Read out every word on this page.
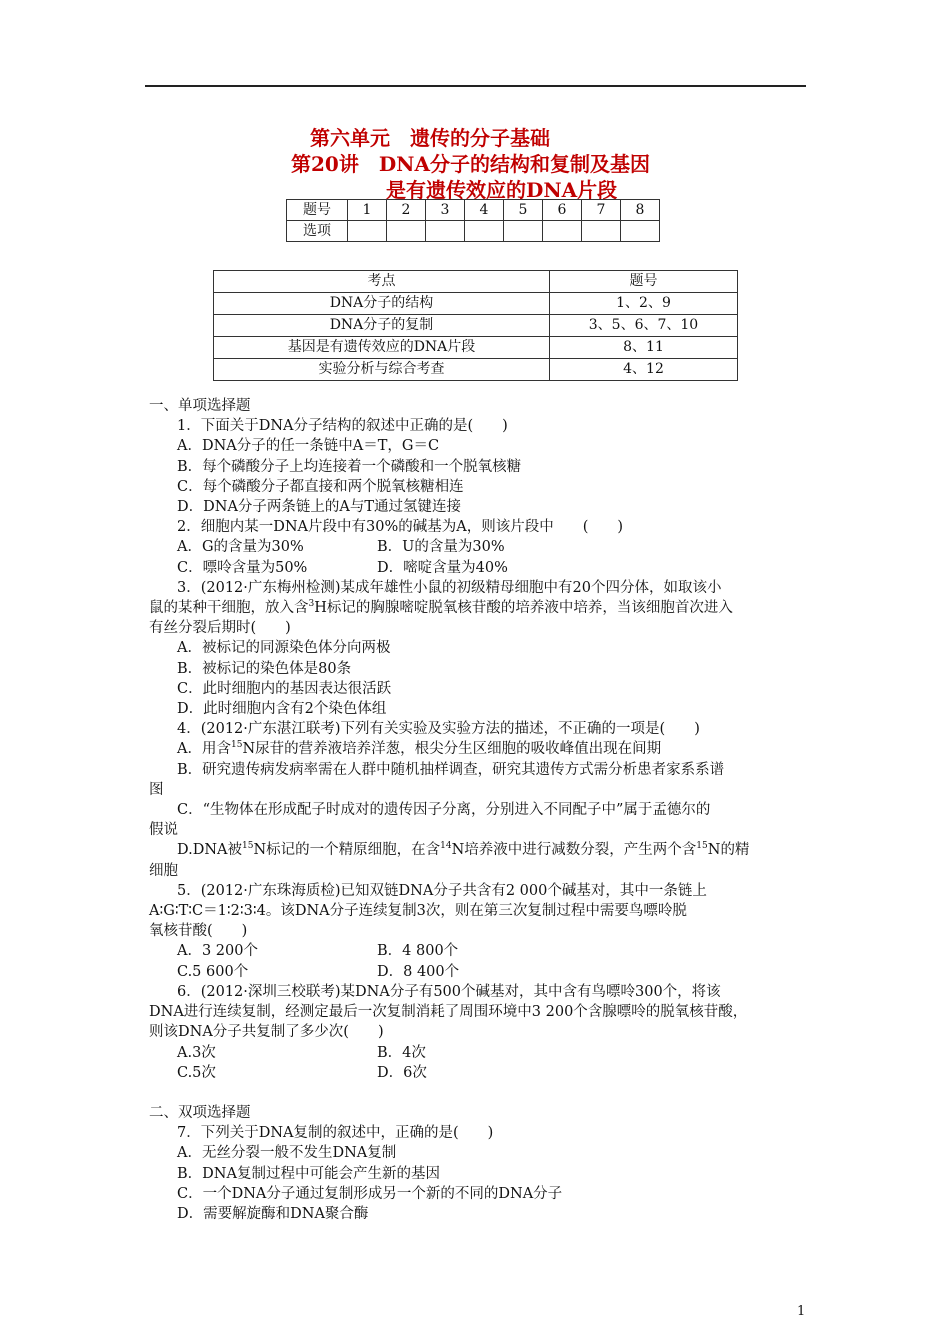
第六单元　遗传的分子基础
第20讲　DNA分子的结构和复制及基因
是有遗传效应的DNA片段
题号	1	2	3	4	5	6	7	8
选项								
考点	题号
DNA分子的结构	1、2、9
DNA分子的复制	3、5、6、7、10
基因是有遗传效应的DNA片段	8、11
实验分析与综合考查	4、12
一、单项选择题
1．下面关于DNA分子结构的叙述中正确的是(　　)
A．DNA分子的任一条链中A＝T，G＝C
B．每个磷酸分子上均连接着一个磷酸和一个脱氧核糖
C．每个磷酸分子都直接和两个脱氧核糖相连
D．DNA分子两条链上的A与T通过氢键连接
2．细胞内某一DNA片段中有30%的碱基为A，则该片段中　　(　　)
A．G的含量为30%	B．U的含量为30%
C．嘌呤含量为50%	D．嘧啶含量为40%
3．(2012·广东梅州检测)某成年雄性小鼠的初级精母细胞中有20个四分体，如取该小
鼠的某种干细胞，放入含$^3$H标记的胸腺嘧啶脱氧核苷酸的培养液中培养，当该细胞首次进入
有丝分裂后期时(　　)
A．被标记的同源染色体分向两极
B．被标记的染色体是80条
C．此时细胞内的基因表达很活跃
D．此时细胞内含有2个染色体组
4．(2012·广东湛江联考)下列有关实验及实验方法的描述，不正确的一项是(　　)
A．用含$^{15}$N尿苷的营养液培养洋葱，根尖分生区细胞的吸收峰值出现在间期
B．研究遗传病发病率需在人群中随机抽样调查，研究其遗传方式需分析患者家系系谱
图
C．“生物体在形成配子时成对的遗传因子分离，分别进入不同配子中”属于孟德尔的
假说
D.DNA被$^{15}$N标记的一个精原细胞，在含$^{14}$N培养液中进行减数分裂，产生两个含$^{15}$N的精
细胞
5．(2012·广东珠海质检)已知双链DNA分子共含有2 000个碱基对，其中一条链上
A∶G∶T∶C＝1∶2∶3∶4。该DNA分子连续复制3次，则在第三次复制过程中需要鸟嘌呤脱
氧核苷酸(　　)
A．3 200个	B．4 800个
C.5 600个	D．8 400个
6．(2012·深圳三校联考)某DNA分子有500个碱基对，其中含有鸟嘌呤300个，将该
DNA进行连续复制，经测定最后一次复制消耗了周围环境中3 200个含腺嘌呤的脱氧核苷酸，
则该DNA分子共复制了多少次(　　)
A.3次	B．4次
C.5次	D．6次
二、双项选择题
7．下列关于DNA复制的叙述中，正确的是(　　)
A．无丝分裂一般不发生DNA复制
B．DNA复制过程中可能会产生新的基因
C．一个DNA分子通过复制形成另一个新的不同的DNA分子
D．需要解旋酶和DNA聚合酶
1
